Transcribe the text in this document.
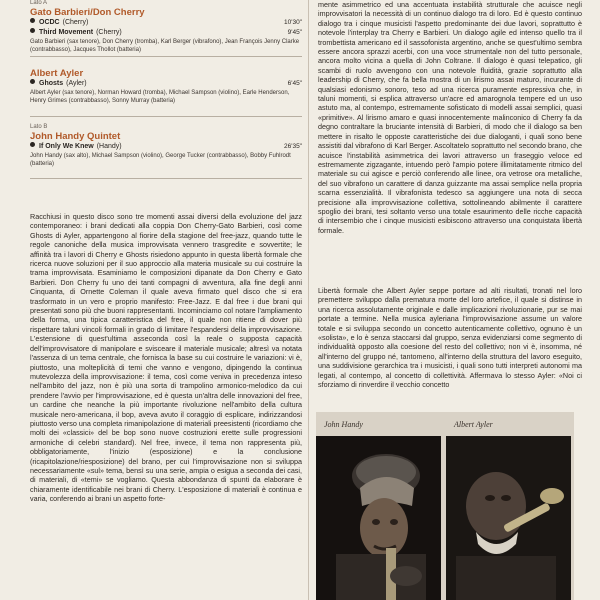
Lato A
Gato Barbieri/Don Cherry
OCDC (Cherry)	10'30"
Third Movement (Cherry)	9'45"
Gato Barbieri (sax tenore), Don Cherry (tromba), Karl Berger (vibrafono), Jean François Jenny Clarke (contrabbasso), Jacques Thollot (batteria)
Albert Ayler
Ghosts (Ayler)	6'45"
Albert Ayler (sax tenore), Norman Howard (tromba), Michael Sampson (violino), Earle Henderson, Henry Grimes (contrabbasso), Sonny Murray (batteria)
Lato B
John Handy Quintet
If Only We Knew (Handy)	26'35"
John Handy (sax alto), Michael Sampson (violino), George Tucker (contrabbasso), Bobby Fuhlrodt (batteria)

Racchiusi in questo disco sono tre momenti assai diversi della evoluzione del jazz contemporaneo: i brani dedicati alla coppia Don Cherry-Gato Barbieri, così come Ghosts di Ayler, appartengono al fiorire della stagione del free-jazz, quando tutte le regole canoniche della musica improvvisata vennero trasgredite e sovvertite; le affinità tra i lavori di Cherry e Ghosts risiedono appunto in questa libertà formale che ricerca nuove soluzioni per il suo approccio alla materia musicale su cui costruire la trama improvvisata. Esaminiamo le composizioni dipanate da Don Cherry e Gato Barbieri. Don Cherry fu uno dei tanti compagni di avventura, alla fine degli anni Cinquanta, di Ornette Coleman il quale aveva firmato quel disco che si era trasformato in un vero e proprio manifesto: Free-Jazz. E dal free i due brani qui presentati sono più che buoni rappresentanti. Incominciamo col notare l'ampliamento della forma, una tipica caratteristica del free, il quale non ritiene di dover più rispettare taluni vincoli formali in grado di limitare l'espandersi della improvvisazione. L'estensione di quest'ultima asseconda così la reale o supposta capacità dell'improvvisatore di manipolare e svisceare il materiale musicale; altresì va notata l'assenza di un tema centrale, che fornisca la base su cui costruire le variazioni: vi è, piuttosto, una molteplicità di temi che vanno e vengono, dipingendo la continua mutevolezza della improvvisazione: il tema, così come veniva in precedenza inteso nell'ambito del jazz, non è più una sorta di trampolino armonico-melodico da cui prendere l'avvio per l'improvvisazione, ed è questa un'altra delle innovazioni del free, un cardine che neanche la più importante rivoluzione nell'ambito della cultura musicale nero-americana, il bop, aveva avuto il coraggio di esplicare, indirizzandosi piuttosto verso una completa rimanipolazione di materiali preesistenti (ricordiamo che molti dei «classici» del be bop sono nuove costruzioni erette sulle progressioni armoniche di celebri standard). Nel free, invece, il tema non rappresenta più, obbligatoriamente, l'inizio (esposizione) e la conclusione (ricapitolazione/riesposizione) del brano, per cui l'improvvisazione non si sviluppa necessariamente «sul» tema, bensì su una serie, ampia o esigua a seconda dei casi, di materiali, di «temi» se vogliamo. Questa abbondanza di spunti da elaborare è chiaramente identificabile nei brani di Cherry. L'esposizione di materiali è continua e varia, conferendo ai brani un aspetto forte-

mente asimmetrico ed una accentuata instabilità strutturale che acuisce negli improvvisatori la necessità di un continuo dialogo tra di loro. Ed è questo continuo dialogo tra i cinque musicisti l'aspetto predominante dei due lavori, soprattutto è notevole l'interplay tra Cherry e Barbieri. Un dialogo agile ed intenso quello tra il trombettista americano ed il sassofonista argentino, anche se quest'ultimo sembra essere ancora sprazzi acerbi, con una voce strumentale non del tutto personale, ancora molto vicina a quella di John Coltrane. Il dialogo è quasi telepatico, gli scambi di ruolo avvengono con una notevole fluidità, grazie soprattutto alla leadership di Cherry, che fa bella mostra di un lirismo assai maturo, incurante di qualsiasi edonismo sonoro, teso ad una ricerca puramente espressiva che, in taluni momenti, si esplica attraverso un'acre ed amarognola tempere ed un uso astuto ma, al contempo, estremamente sofisticato di modelli assai semplici, quasi «primitive». Al lirismo amaro e quasi innocentemente malinconico di Cherry fa da degno contraltare la bruciante intensità di Barbieri, di modo che il dialogo sa ben mettere in risalto le opposte caratteristiche dei due dialoganti, i quali sono bene assistiti dal vibrafono di Karl Berger. Ascoltatelo soprattutto nel secondo brano, che acuisce l'instabilità asimmetrica dei lavori attraverso un fraseggio veloce ed estremamente zigzagante, intuendo però l'ampio potere illimitatamente ritmico del materiale su cui agisce e perciò conferendo alle linee, ora vetrose ora metalliche, del suo vibrafono un carattere di danza guizzante ma assai semplice nella propria scarna essenzialità. Il vibrafonista tedesco sa aggiungere una nota di secca precisione alla improvvisazione collettiva, sottolineando abilmente il carattere spoglio dei brani, tesi soltanto verso una totale esaurimento delle ricche capacità di intersembio che i cinque musicisti esibiscono attraverso una conquistata libertà formale.

Libertà formale che Albert Ayler seppe portare ad alti risultati, tronati nel loro premettere sviluppo dalla prematura morte del loro artefice, il quale si distinse in una ricerca assolutamente originale e dalle implicazioni rivoluzionarie, pur se mai portate a termine. Nella musica ayleriana l'improvvisazione assume un valore totale e si sviluppa secondo un concetto autenticamente collettivo, ognuno è un «solista», e lo è senza staccarsi dal gruppo, senza evidenziarsi come segmento di individualità opposto alla coesione del resto del collettivo; non vi è, insomma, né all'interno del gruppo né, tantomeno, all'interno della struttura del lavoro eseguito, una suddivisione gerarchica tra i musicisti, i quali sono tutti interpreti autonomi ma legati, al contempo, al concetto di collettività. Affermava lo stesso Ayler: «Noi ci sforziamo di rinverdire il vecchio concetto

John Handy	Albert Ayler
